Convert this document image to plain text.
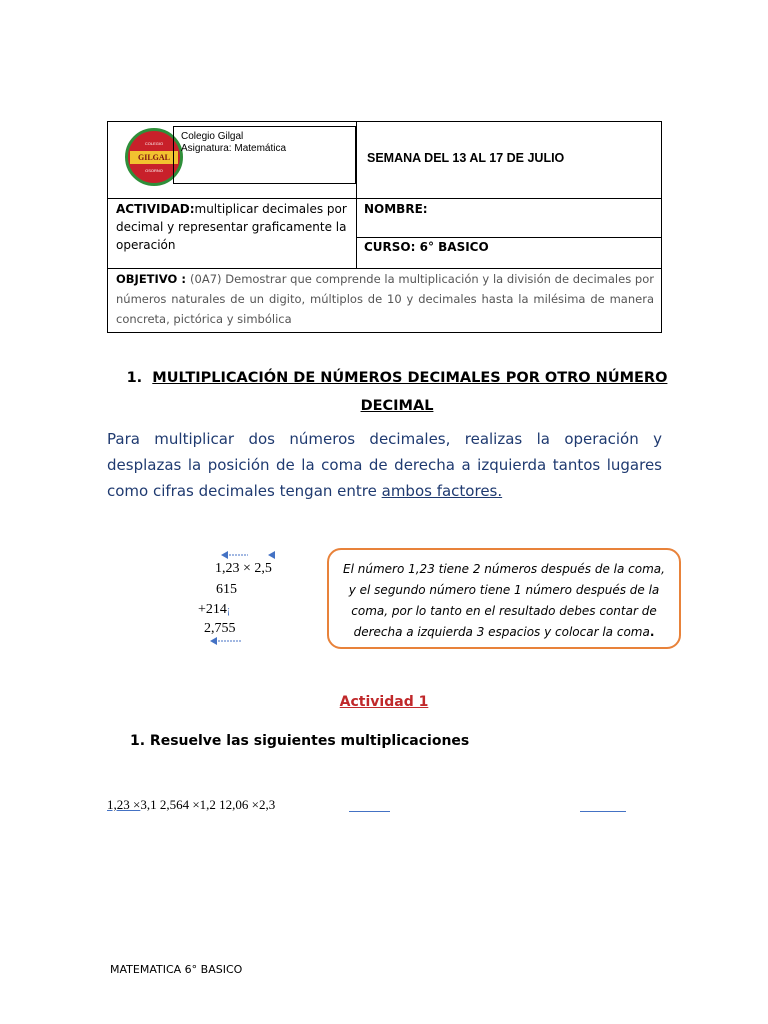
COLEGIO
GILGAL
OSORNO
Colegio Gilgal
Asignatura: Matemática
SEMANA DEL 13 AL 17 DE JULIO
ACTIVIDAD:multiplicar decimales por decimal y representar graficamente la operación
NOMBRE:
CURSO: 6° BASICO
OBJETIVO : (0A7) Demostrar que comprende la multiplicación y la división de decimales por números naturales de un digito, múltiplos de 10 y decimales hasta la milésima de manera concreta, pictórica y simbólica
1. MULTIPLICACIÓN DE NÚMEROS DECIMALES POR OTRO NÚMERO DECIMAL
Para multiplicar dos números decimales, realizas la operación y desplazas la posición de la coma de derecha a izquierda tantos lugares como cifras decimales tengan entre ambos factores.
1,23 × 2,5
615
+214¡
2,755
El número 1,23 tiene 2 números después de la coma, y el segundo número tiene 1 número después de la coma, por lo tanto en el resultado debes contar de derecha a izquierda 3 espacios y colocar la coma.
Actividad 1
1. Resuelve las siguientes multiplicaciones
1,23 ×3,1 2,564 ×1,2 12,06 ×2,3
MATEMATICA 6° BASICO
